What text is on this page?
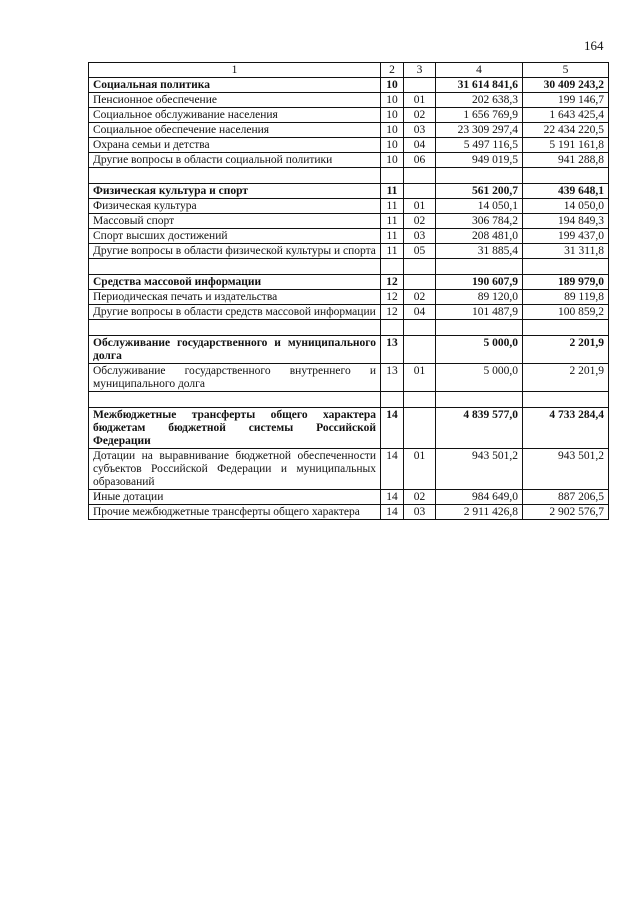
164
1	2	3	4	5
Социальная политика	10		31 614 841,6	30 409 243,2
Пенсионное обеспечение	10	01	202 638,3	199 146,7
Социальное обслуживание населения	10	02	1 656 769,9	1 643 425,4
Социальное обеспечение населения	10	03	23 309 297,4	22 434 220,5
Охрана семьи и детства	10	04	5 497 116,5	5 191 161,8
Другие вопросы в области социальной политики	10	06	949 019,5	941 288,8

Физическая культура и спорт	11		561 200,7	439 648,1
Физическая культура	11	01	14 050,1	14 050,0
Массовый спорт	11	02	306 784,2	194 849,3
Спорт высших достижений	11	03	208 481,0	199 437,0
Другие вопросы в области физической культуры и спорта	11	05	31 885,4	31 311,8

Средства массовой информации	12		190 607,9	189 979,0
Периодическая печать и издательства	12	02	89 120,0	89 119,8
Другие вопросы в области средств массовой информации	12	04	101 487,9	100 859,2

Обслуживание государственного и муниципального долга	13		5 000,0	2 201,9
Обслуживание государственного внутреннего и муниципального долга	13	01	5 000,0	2 201,9

Межбюджетные трансферты общего характера бюджетам бюджетной системы Российской Федерации	14		4 839 577,0	4 733 284,4
Дотации на выравнивание бюджетной обеспеченности субъектов Российской Федерации и муниципальных образований	14	01	943 501,2	943 501,2
Иные дотации	14	02	984 649,0	887 206,5
Прочие межбюджетные трансферты общего характера	14	03	2 911 426,8	2 902 576,7
